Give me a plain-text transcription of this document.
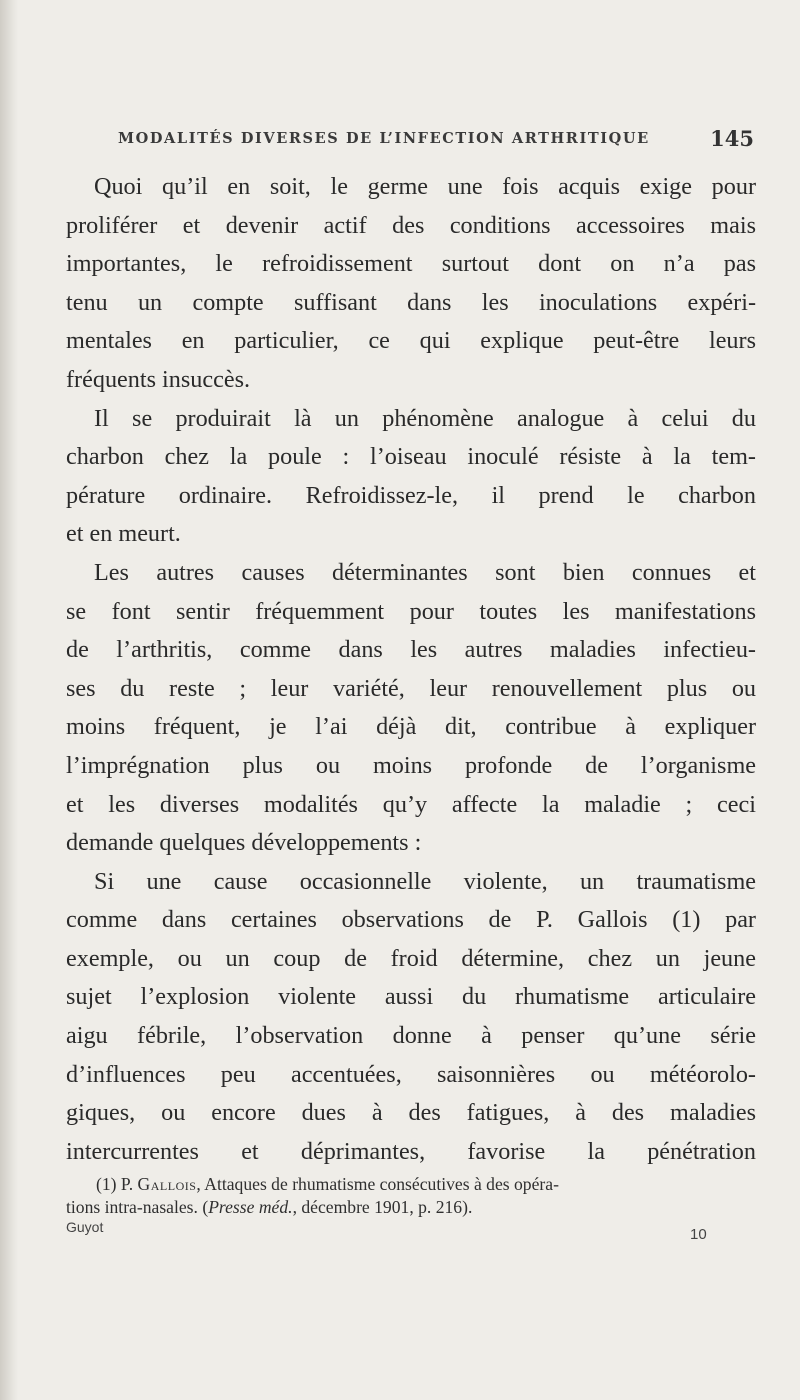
MODALITÉS DIVERSES DE L’INFECTION ARTHRITIQUE	145
Quoi qu’il en soit, le germe une fois acquis exige pour
proliférer et devenir actif des conditions accessoires mais
importantes, le refroidissement surtout dont on n’a pas
tenu un compte suffisant dans les inoculations expéri-
mentales en particulier, ce qui explique peut-être leurs
fréquents insuccès.
Il se produirait là un phénomène analogue à celui du
charbon chez la poule : l’oiseau inoculé résiste à la tem-
pérature ordinaire. Refroidissez-le, il prend le charbon
et en meurt.
Les autres causes déterminantes sont bien connues et
se font sentir fréquemment pour toutes les manifestations
de l’arthritis, comme dans les autres maladies infectieu-
ses du reste ; leur variété, leur renouvellement plus ou
moins fréquent, je l’ai déjà dit, contribue à expliquer
l’imprégnation plus ou moins profonde de l’organisme
et les diverses modalités qu’y affecte la maladie ; ceci
demande quelques développements :
Si une cause occasionnelle violente, un traumatisme
comme dans certaines observations de P. Gallois (1) par
exemple, ou un coup de froid détermine, chez un jeune
sujet l’explosion violente aussi du rhumatisme articulaire
aigu fébrile, l’observation donne à penser qu’une série
d’influences peu accentuées, saisonnières ou météorolo-
giques, ou encore dues à des fatigues, à des maladies
intercurrentes et déprimantes, favorise la pénétration
(1) P. Gallois, Attaques de rhumatisme consécutives à des opéra-
tions intra-nasales. (Presse méd., décembre 1901, p. 216).
Guyot	10
